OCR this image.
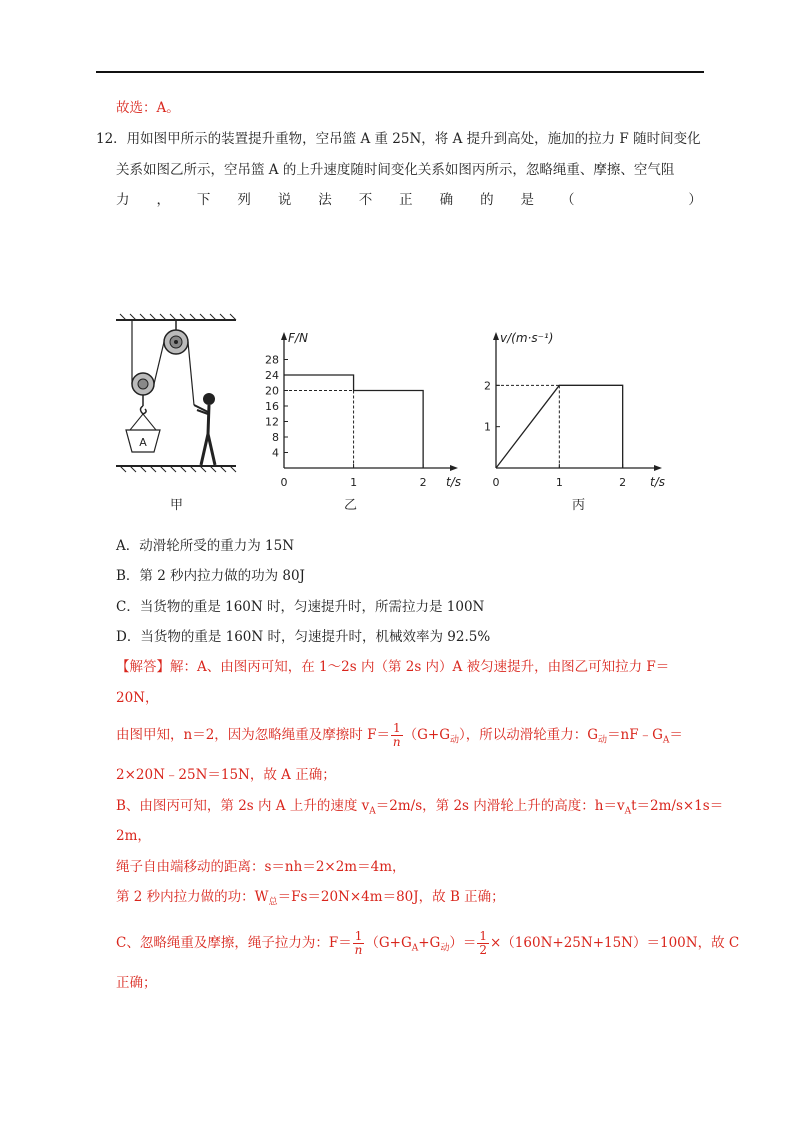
故选：A。
12．用如图甲所示的装置提升重物，空吊篮 A 重 25N，将 A 提升到高处，施加的拉力 F 随时间变化
关系如图乙所示，空吊篮 A 的上升速度随时间变化关系如图丙所示，忽略绳重、摩擦、空气阻
力 ， 下 列 说 法 不 正 确 的 是 （	）
A
甲
F/N
t/s
4
8
12
16
20
24
28
0	1	2
乙
v/(m·s⁻¹)
t/s
1
2
0	1	2
丙
A．动滑轮所受的重力为 15N
B．第 2 秒内拉力做的功为 80J
C．当货物的重是 160N 时，匀速提升时，所需拉力是 100N
D．当货物的重是 160N 时，匀速提升时，机械效率为 92.5%
【解答】解：A、由图丙可知，在 1～2s 内（第 2s 内）A 被匀速提升，由图乙可知拉力 F＝
20N，
由图甲知，n＝2，因为忽略绳重及摩擦时 $F= \frac{1}{n} (G+G_动)$，所以动滑轮重力：$G_动=nF﹣G_A=$
2×20N﹣25N＝15N，故 A 正确；
B、由图丙可知，第 2s 内 A 上升的速度 $v_A=2m/s$，第 2s 内滑轮上升的高度：$h=v_At=2m/s\times 1s=$
2m，
绳子自由端移动的距离：s＝nh＝2×2m＝4m，
第 2 秒内拉力做的功：$W_总=Fs=20N\times 4m=80J$，故 B 正确；
C、忽略绳重及摩擦，绳子拉力为：$F= \frac{1}{n} (G+G_A+G_动)= \frac{1}{2} \times(160N+25N+15N)=100N$，故 C
正确；
